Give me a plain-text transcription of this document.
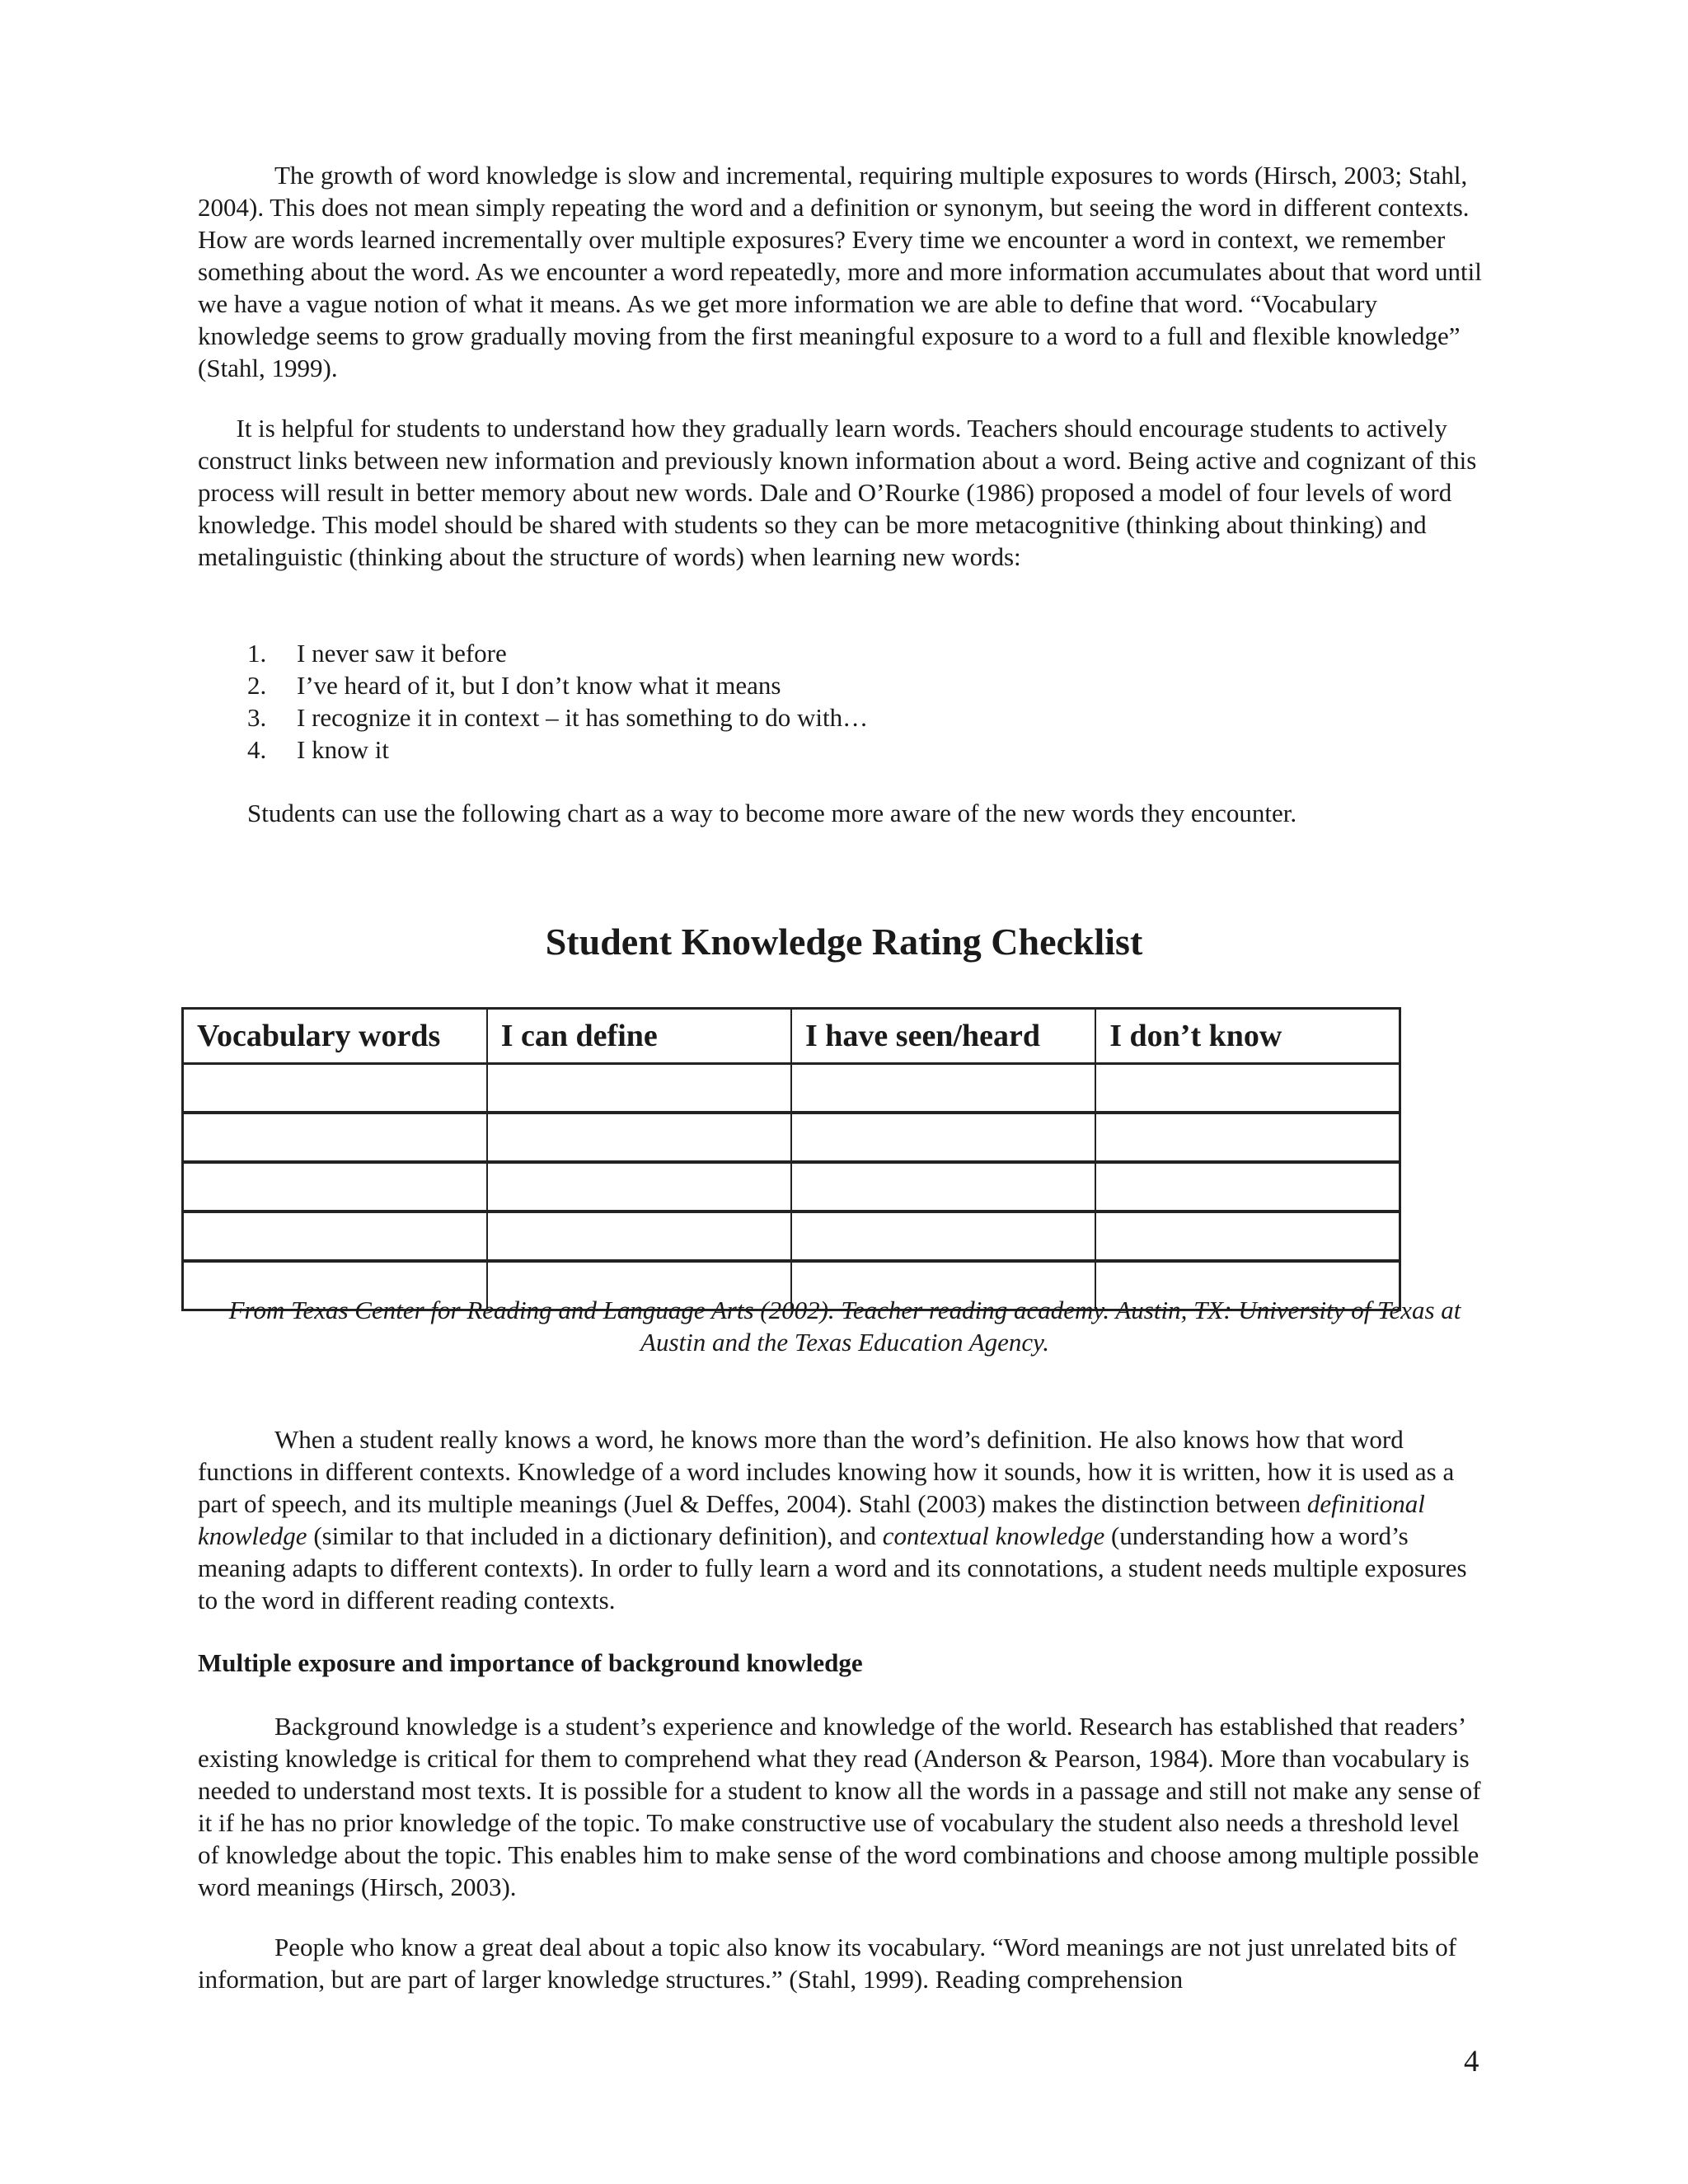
The growth of word knowledge is slow and incremental, requiring multiple exposures to words (Hirsch, 2003; Stahl, 2004). This does not mean simply repeating the word and a definition or synonym, but seeing the word in different contexts. How are words learned incrementally over multiple exposures? Every time we encounter a word in context, we remember something about the word. As we encounter a word repeatedly, more and more information accumulates about that word until we have a vague notion of what it means. As we get more information we are able to define that word. “Vocabulary knowledge seems to grow gradually moving from the first meaningful exposure to a word to a full and flexible knowledge” (Stahl, 1999).

It is helpful for students to understand how they gradually learn words. Teachers should encourage students to actively construct links between new information and previously known information about a word. Being active and cognizant of this process will result in better memory about new words. Dale and O’Rourke (1986) proposed a model of four levels of word knowledge. This model should be shared with students so they can be more metacognitive (thinking about thinking) and metalinguistic (thinking about the structure of words) when learning new words:

1.	I never saw it before
2.	I’ve heard of it, but I don’t know what it means
3.	I recognize it in context – it has something to do with…
4.	I know it

Students can use the following chart as a way to become more aware of the new words they encounter.

Student Knowledge Rating Checklist
Vocabulary words	I can define	I have seen/heard	I don’t know

From Texas Center for Reading and Language Arts (2002). Teacher reading academy. Austin, TX: University of Texas at Austin and the Texas Education Agency.

When a student really knows a word, he knows more than the word’s definition. He also knows how that word functions in different contexts. Knowledge of a word includes knowing how it sounds, how it is written, how it is used as a part of speech, and its multiple meanings (Juel & Deffes, 2004). Stahl (2003) makes the distinction between definitional knowledge (similar to that included in a dictionary definition), and contextual knowledge (understanding how a word’s meaning adapts to different contexts). In order to fully learn a word and its connotations, a student needs multiple exposures to the word in different reading contexts.

Multiple exposure and importance of background knowledge

Background knowledge is a student’s experience and knowledge of the world. Research has established that readers’ existing knowledge is critical for them to comprehend what they read (Anderson & Pearson, 1984). More than vocabulary is needed to understand most texts. It is possible for a student to know all the words in a passage and still not make any sense of it if he has no prior knowledge of the topic. To make constructive use of vocabulary the student also needs a threshold level of knowledge about the topic. This enables him to make sense of the word combinations and choose among multiple possible word meanings (Hirsch, 2003).

People who know a great deal about a topic also know its vocabulary. “Word meanings are not just unrelated bits of information, but are part of larger knowledge structures.” (Stahl, 1999). Reading comprehension

4
